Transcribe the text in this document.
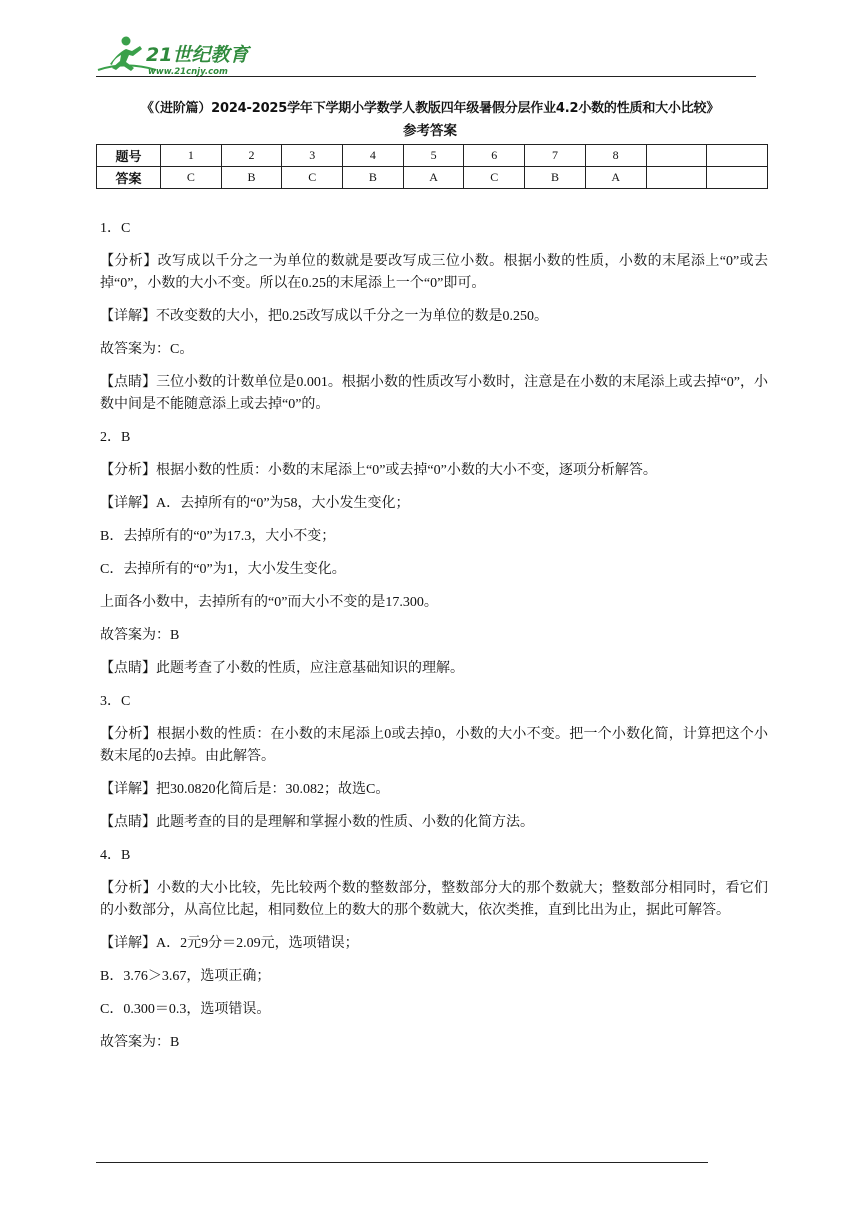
21世纪教育
www.21cnjy.com
《（进阶篇）2024-2025学年下学期小学数学人教版四年级暑假分层作业4.2小数的性质和大小比较》
参考答案
题号	1	2	3	4	5	6	7	8		
答案	C	B	C	B	A	C	B	A		
1．C
【分析】改写成以千分之一为单位的数就是要改写成三位小数。根据小数的性质，小数的末尾添上“0”或去掉“0”，小数的大小不变。所以在0.25的末尾添上一个“0”即可。
【详解】不改变数的大小，把0.25改写成以千分之一为单位的数是0.250。
故答案为：C。
【点睛】三位小数的计数单位是0.001。根据小数的性质改写小数时，注意是在小数的末尾添上或去掉“0”，小数中间是不能随意添上或去掉“0”的。
2．B
【分析】根据小数的性质：小数的末尾添上“0”或去掉“0”小数的大小不变，逐项分析解答。
【详解】A．去掉所有的“0”为58，大小发生变化；
B．去掉所有的“0”为17.3，大小不变；
C．去掉所有的“0”为1，大小发生变化。
上面各小数中，去掉所有的“0”而大小不变的是17.300。
故答案为：B
【点睛】此题考查了小数的性质，应注意基础知识的理解。
3．C
【分析】根据小数的性质：在小数的末尾添上0或去掉0，小数的大小不变。把一个小数化简，计算把这个小数末尾的0去掉。由此解答。
【详解】把30.0820化简后是：30.082；故选C。
【点睛】此题考查的目的是理解和掌握小数的性质、小数的化简方法。
4．B
【分析】小数的大小比较，先比较两个数的整数部分，整数部分大的那个数就大；整数部分相同时，看它们的小数部分，从高位比起，相同数位上的数大的那个数就大，依次类推，直到比出为止，据此可解答。
【详解】A．2元9分＝2.09元，选项错误；
B．3.76＞3.67，选项正确；
C．0.300＝0.3，选项错误。
故答案为：B
